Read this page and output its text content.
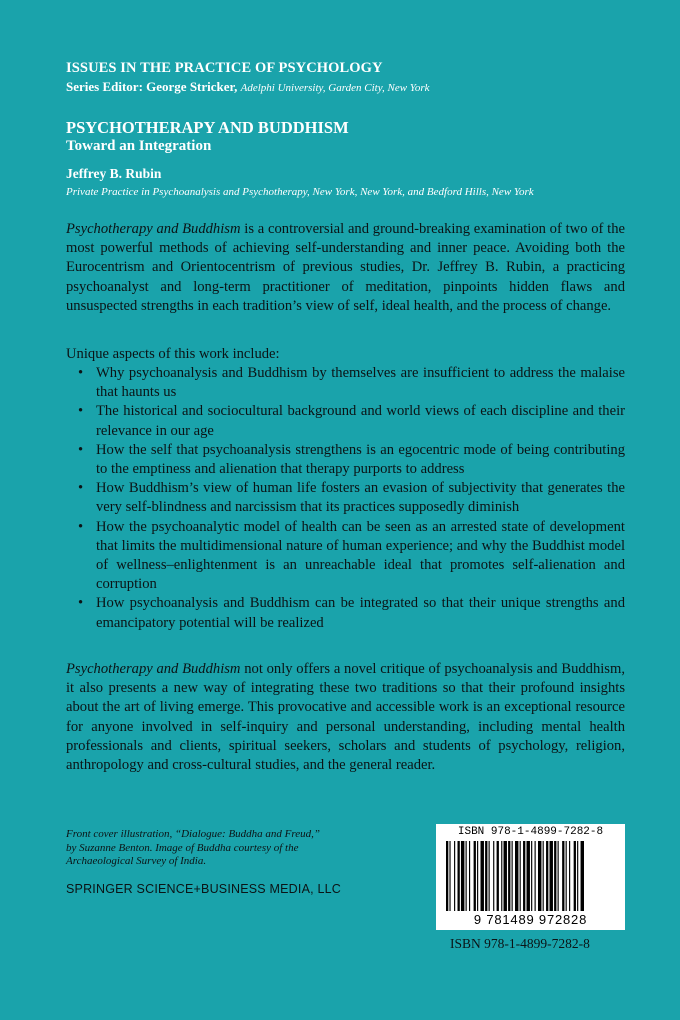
ISSUES IN THE PRACTICE OF PSYCHOLOGY
Series Editor: George Stricker, Adelphi University, Garden City, New York
PSYCHOTHERAPY AND BUDDHISM
Toward an Integration
Jeffrey B. Rubin
Private Practice in Psychoanalysis and Psychotherapy, New York, New York, and Bedford Hills, New York
Psychotherapy and Buddhism is a controversial and ground-breaking examination of two of the most powerful methods of achieving self-understanding and inner peace. Avoiding both the Eurocentrism and Orientocentrism of previous studies, Dr. Jeffrey B. Rubin, a practicing psychoanalyst and long-term practitioner of meditation, pinpoints hidden flaws and unsuspected strengths in each tradition’s view of self, ideal health, and the process of change.
Unique aspects of this work include:
• Why psychoanalysis and Buddhism by themselves are insufficient to address the malaise that haunts us
• The historical and sociocultural background and world views of each discipline and their relevance in our age
• How the self that psychoanalysis strengthens is an egocentric mode of being contributing to the emptiness and alienation that therapy purports to address
• How Buddhism’s view of human life fosters an evasion of subjectivity that generates the very self-blindness and narcissism that its practices supposedly diminish
• How the psychoanalytic model of health can be seen as an arrested state of development that limits the multidimensional nature of human experience; and why the Buddhist model of wellness–enlightenment is an unreachable ideal that promotes self-alienation and corruption
• How psychoanalysis and Buddhism can be integrated so that their unique strengths and emancipatory potential will be realized
Psychotherapy and Buddhism not only offers a novel critique of psychoanalysis and Buddhism, it also presents a new way of integrating these two traditions so that their profound insights about the art of living emerge. This provocative and accessible work is an exceptional resource for anyone involved in self-inquiry and personal understanding, including mental health professionals and clients, spiritual seekers, scholars and students of psychology, religion, anthropology and cross-cultural studies, and the general reader.
Front cover illustration, “Dialogue: Buddha and Freud,” by Suzanne Benton. Image of Buddha courtesy of the Archaeological Survey of India.
SPRINGER SCIENCE+BUSINESS MEDIA, LLC
ISBN 978-1-4899-7282-8
9 781489 972828
ISBN 978-1-4899-7282-8
